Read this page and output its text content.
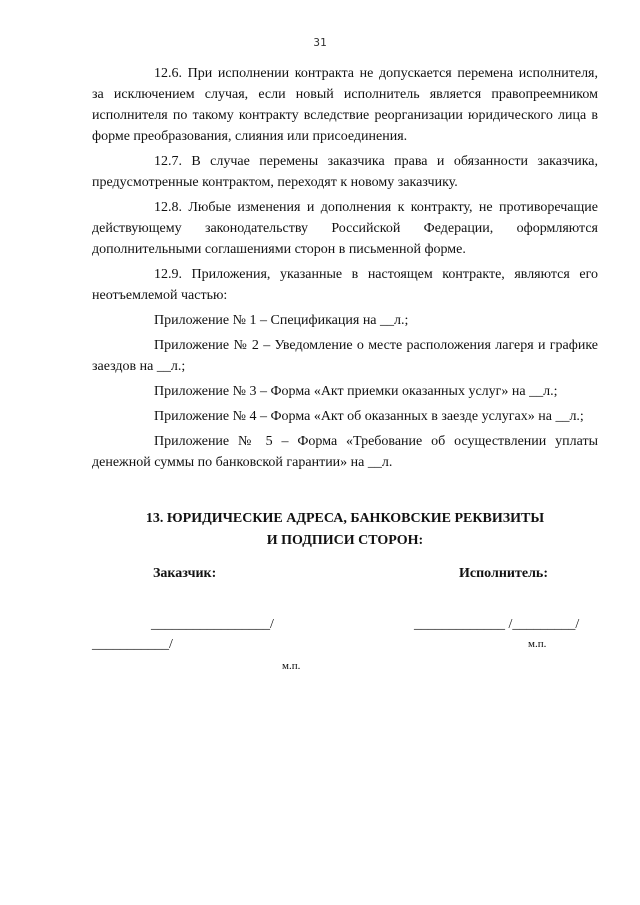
31

12.6. При исполнении контракта не допускается перемена исполнителя, за исключением случая, если новый исполнитель является правопреемником исполнителя по такому контракту вследствие реорганизации юридического лица в форме преобразования, слияния или присоединения.

12.7. В случае перемены заказчика права и обязанности заказчика, предусмотренные контрактом, переходят к новому заказчику.

12.8. Любые изменения и дополнения к контракту, не противоречащие действующему законодательству Российской Федерации, оформляются дополнительными соглашениями сторон в письменной форме.

12.9. Приложения, указанные в настоящем контракте, являются его неотъемлемой частью:

Приложение № 1 – Спецификация на __л.;

Приложение № 2 – Уведомление о месте расположения лагеря и графике заездов на __л.;

Приложение № 3 – Форма «Акт приемки оказанных услуг» на __л.;

Приложение № 4 – Форма «Акт об оказанных в заезде услугах» на __л.;

Приложение № 5 – Форма «Требование об осуществлении уплаты денежной суммы по банковской гарантии» на __л.

13. ЮРИДИЧЕСКИЕ АДРЕСА, БАНКОВСКИЕ РЕКВИЗИТЫ
И ПОДПИСИ СТОРОН:
Заказчик:	Исполнитель:
_________________/
___________/
м.п.
_____________ /_________/
м.п.
